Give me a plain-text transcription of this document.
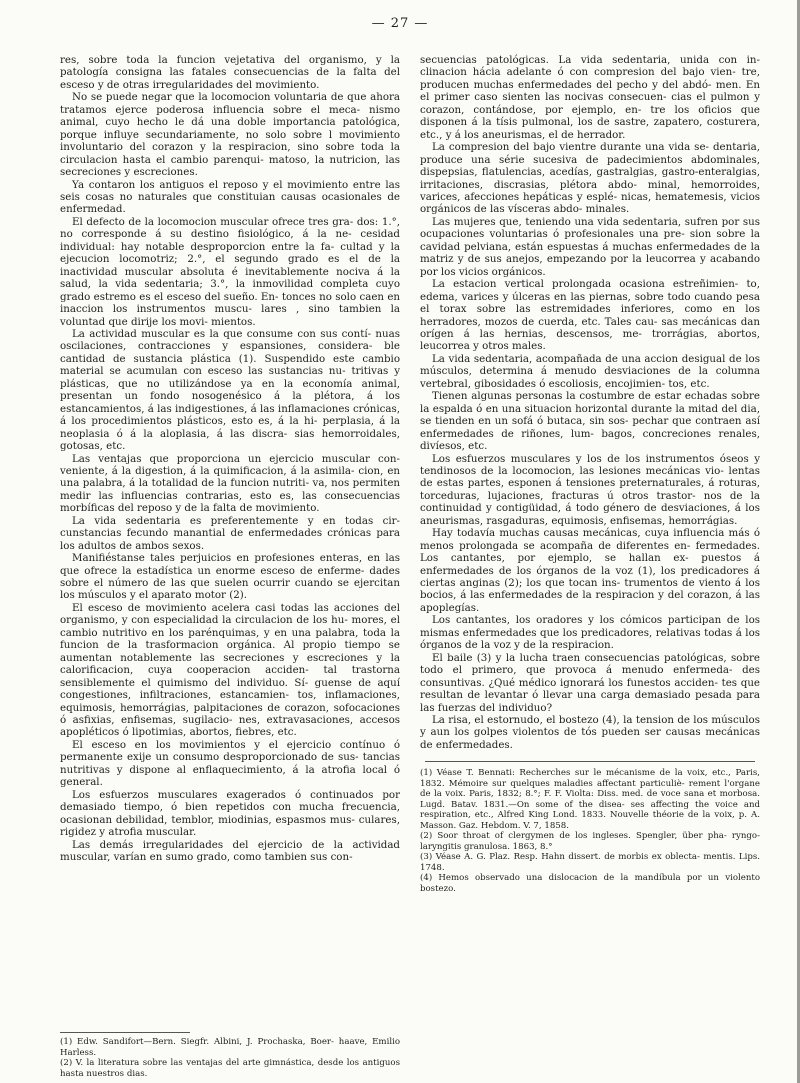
— 27 —

res, sobre toda la funcion vejetativa del organismo, y la patología consigna las fatales consecuencias de la falta del esceso y de otras irregularidades del movimiento.

No se puede negar que la locomocion voluntaria de que ahora tratamos ejerce poderosa influencia sobre el meca- nismo animal, cuyo hecho le dá una doble importancia patológica, porque influye secundariamente, no solo sobre l movimiento involuntario del corazon y la respiracion, sino sobre toda la circulacion hasta el cambio parenqui- matoso, la nutricion, las secreciones y escreciones.

Ya contaron los antiguos el reposo y el movimiento entre las seis cosas no naturales que constituian causas ocasionales de enfermedad.

El defecto de la locomocion muscular ofrece tres gra- dos: 1.°, no corresponde á su destino fisiológico, á la ne- cesidad individual: hay notable desproporcion entre la fa- cultad y la ejecucion locomotriz; 2.°, el segundo grado es el de la inactividad muscular absoluta é inevitablemente nociva á la salud, la vida sedentaria; 3.°, la inmovilidad completa cuyo grado estremo es el esceso del sueño. En- tonces no solo caen en inaccion los instrumentos muscu- lares , sino tambien la voluntad que dirije los movi- mientos.

La actividad muscular es la que consume con sus contí- nuas oscilaciones, contracciones y espansiones, considera- ble cantidad de sustancia plástica (1). Suspendido este cambio material se acumulan con esceso las sustancias nu- tritivas y plásticas, que no utilizándose ya en la economía animal, presentan un fondo nosogenésico á la plétora, á los estancamientos, á las indigestiones, á las inflamaciones crónicas, á los procedimientos plásticos, esto es, á la hi- perplasia, á la neoplasia ó á la aloplasia, á las discra- sias hemorroidales, gotosas, etc.

Las ventajas que proporciona un ejercicio muscular con- veniente, á la digestion, á la quimificacion, á la asimila- cion, en una palabra, á la totalidad de la funcion nutriti- va, nos permiten medir las influencias contrarias, esto es, las consecuencias morbíficas del reposo y de la falta de movimiento.

La vida sedentaria es preferentemente y en todas cir- cunstancias fecundo manantial de enfermedades crónicas para los adultos de ambos sexos.

Manifiéstanse tales perjuicios en profesiones enteras, en las que ofrece la estadística un enorme esceso de enferme- dades sobre el número de las que suelen ocurrir cuando se ejercitan los músculos y el aparato motor (2).

El esceso de movimiento acelera casi todas las acciones del organismo, y con especialidad la circulacion de los hu- mores, el cambio nutritivo en los parénquimas, y en una palabra, toda la funcion de la trasformacion orgánica. Al propio tiempo se aumentan notablemente las secreciones y escreciones y la calorificacion, cuya cooperacion acciden- tal trastorna sensiblemente el quimismo del individuo. Sí- guense de aquí congestiones, infiltraciones, estancamien- tos, inflamaciones, equimosis, hemorrágias, palpitaciones de corazon, sofocaciones ó asfixias, enfisemas, sugilacio- nes, extravasaciones, accesos apopléticos ó lipotimias, abortos, fiebres, etc.

El esceso en los movimientos y el ejercicio contínuo ó permanente exije un consumo desproporcionado de sus- tancias nutritivas y dispone al enflaquecimiento, á la atrofia local ó general.

Los esfuerzos musculares exagerados ó continuados por demasiado tiempo, ó bien repetidos con mucha frecuencia, ocasionan debilidad, temblor, miodinias, espasmos mus- culares, rigidez y atrofia muscular.

Las demás irregularidades del ejercicio de la actividad muscular, varían en sumo grado, como tambien sus con-

(1) Edw. Sandifort—Bern. Siegfr. Albini, J. Prochaska, Boer- haave, Emilio Harless.

(2) V. la literatura sobre las ventajas del arte gimnástica, desde los antiguos hasta nuestros dias.

secuencias patológicas. La vida sedentaria, unida con in- clinacion hácia adelante ó con compresion del bajo vien- tre, producen muchas enfermedades del pecho y del abdó- men. En el primer caso sienten las nocivas consecuen- cias el pulmon y corazon, contándose, por ejemplo, en- tre los oficios que disponen á la tísis pulmonal, los de sastre, zapatero, costurera, etc., y á los aneurismas, el de herrador.

La compresion del bajo vientre durante una vida se- dentaria, produce una série sucesiva de padecimientos abdominales, dispepsias, flatulencias, acedías, gastralgias, gastro-enteralgias, irritaciones, discrasias, plétora abdo- minal, hemorroides, varices, afecciones hepáticas y esplé- nicas, hematemesis, vicios orgánicos de las vísceras abdo- minales.

Las mujeres que, teniendo una vida sedentaria, sufren por sus ocupaciones voluntarias ó profesionales una pre- sion sobre la cavidad pelviana, están espuestas á muchas enfermedades de la matriz y de sus anejos, empezando por la leucorrea y acabando por los vicios orgánicos.

La estacion vertical prolongada ocasiona estreñimien- to, edema, varices y úlceras en las piernas, sobre todo cuando pesa el torax sobre las estremidades inferiores, como en los herradores, mozos de cuerda, etc. Tales cau- sas mecánicas dan orígen á las hernias, descensos, me- trorrágias, abortos, leucorrea y otros males.

La vida sedentaria, acompañada de una accion desigual de los músculos, determina á menudo desviaciones de la columna vertebral, gibosidades ó escoliosis, encojimien- tos, etc.

Tienen algunas personas la costumbre de estar echadas sobre la espalda ó en una situacion horizontal durante la mitad del dia, se tienden en un sofá ó butaca, sin sos- pechar que contraen así enfermedades de riñones, lum- bagos, concreciones renales, divíesos, etc.

Los esfuerzos musculares y los de los instrumentos óseos y tendinosos de la locomocion, las lesiones mecánicas vio- lentas de estas partes, esponen á tensiones preternaturales, á roturas, torceduras, lujaciones, fracturas ú otros trastor- nos de la continuidad y contigüidad, á todo género de desviaciones, á los aneurismas, rasgaduras, equimosis, enfisemas, hemorrágias.

Hay todavía muchas causas mecánicas, cuya influencia más ó menos prolongada se acompaña de diferentes en- fermedades. Los cantantes, por ejemplo, se hallan ex- puestos á enfermedades de los órganos de la voz (1), los predicadores á ciertas anginas (2); los que tocan ins- trumentos de viento á los bocios, á las enfermedades de la respiracion y del corazon, á las apoplegías.

Los cantantes, los oradores y los cómicos participan de los mismas enfermedades que los predicadores, relativas todas á los órganos de la voz y de la respiracion.

El baile (3) y la lucha traen consecuencias patológicas, sobre todo el primero, que provoca á menudo enfermeda- des consuntivas. ¿Qué médico ignorará los funestos acciden- tes que resultan de levantar ó llevar una carga demasiado pesada para las fuerzas del individuo?

La risa, el estornudo, el bostezo (4), la tension de los músculos y aun los golpes violentos de tós pueden ser causas mecánicas de enfermedades.

(1) Véase T. Bennati: Recherches sur le mécanisme de la voix, etc., Paris, 1832. Mémoire sur quelques maladies affectant particuliè- rement l'organe de la voix. Paris, 1832; 8.°; F. F. Violta: Diss. med. de voce sana et morbosa. Lugd. Batav. 1831.—On some of the disea- ses affecting the voice and respiration, etc., Alfred King Lond. 1833. Nouvelle théorie de la voix, p. A. Masson. Gaz. Hebdom. V. 7, 1858.

(2) Soor throat of clergymen de los ingleses. Spengler, über pha- ryngo-laryngitis granulosa. 1863, 8.°

(3) Véase A. G. Plaz. Resp. Hahn dissert. de morbis ex oblecta- mentis. Lips. 1748.

(4) Hemos observado una dislocacion de la mandíbula por un violento bostezo.
